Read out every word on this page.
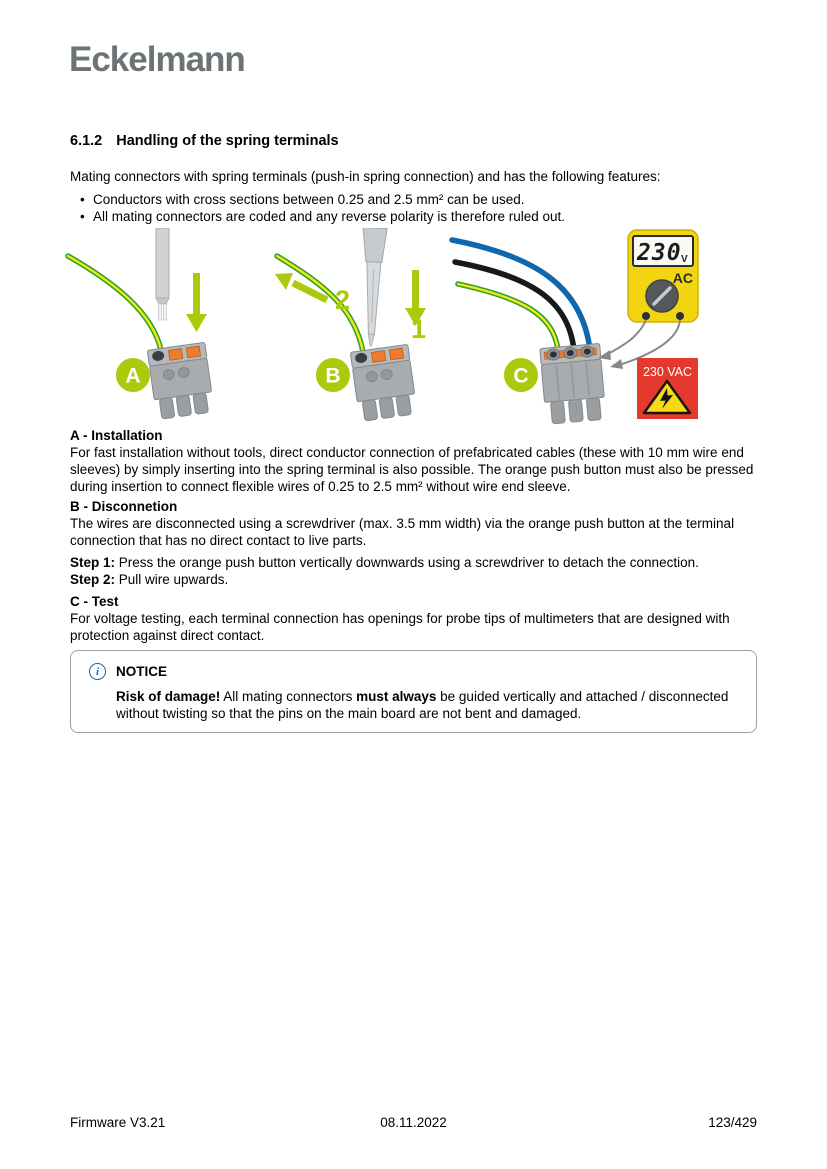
Eckelmann
6.1.2 Handling of the spring terminals
Mating connectors with spring terminals (push-in spring connection) and has the following features:
• Conductors with cross sections between 0.25 and 2.5 mm² can be used.
• All mating connectors are coded and any reverse polarity is therefore ruled out.
A
2
1
B
230 V
AC
230 VAC
C
A - Installation
For fast installation without tools, direct conductor connection of prefabricated cables (these with 10 mm wire end sleeves) by simply inserting into the spring terminal is also possible. The orange push button must also be pressed during insertion to connect flexible wires of 0.25 to 2.5 mm² without wire end sleeve.
B - Disconnetion
The wires are disconnected using a screwdriver (max. 3.5 mm width) via the orange push button at the terminal connection that has no direct contact to live parts.
Step 1: Press the orange push button vertically downwards using a screwdriver to detach the connection.
Step 2: Pull wire upwards.
C - Test
For voltage testing, each terminal connection has openings for probe tips of multimeters that are designed with protection against direct contact.
i	NOTICE
Risk of damage! All mating connectors must always be guided vertically and attached / disconnected without twisting so that the pins on the main board are not bent and damaged.
Firmware V3.21	08.11.2022	123/429
